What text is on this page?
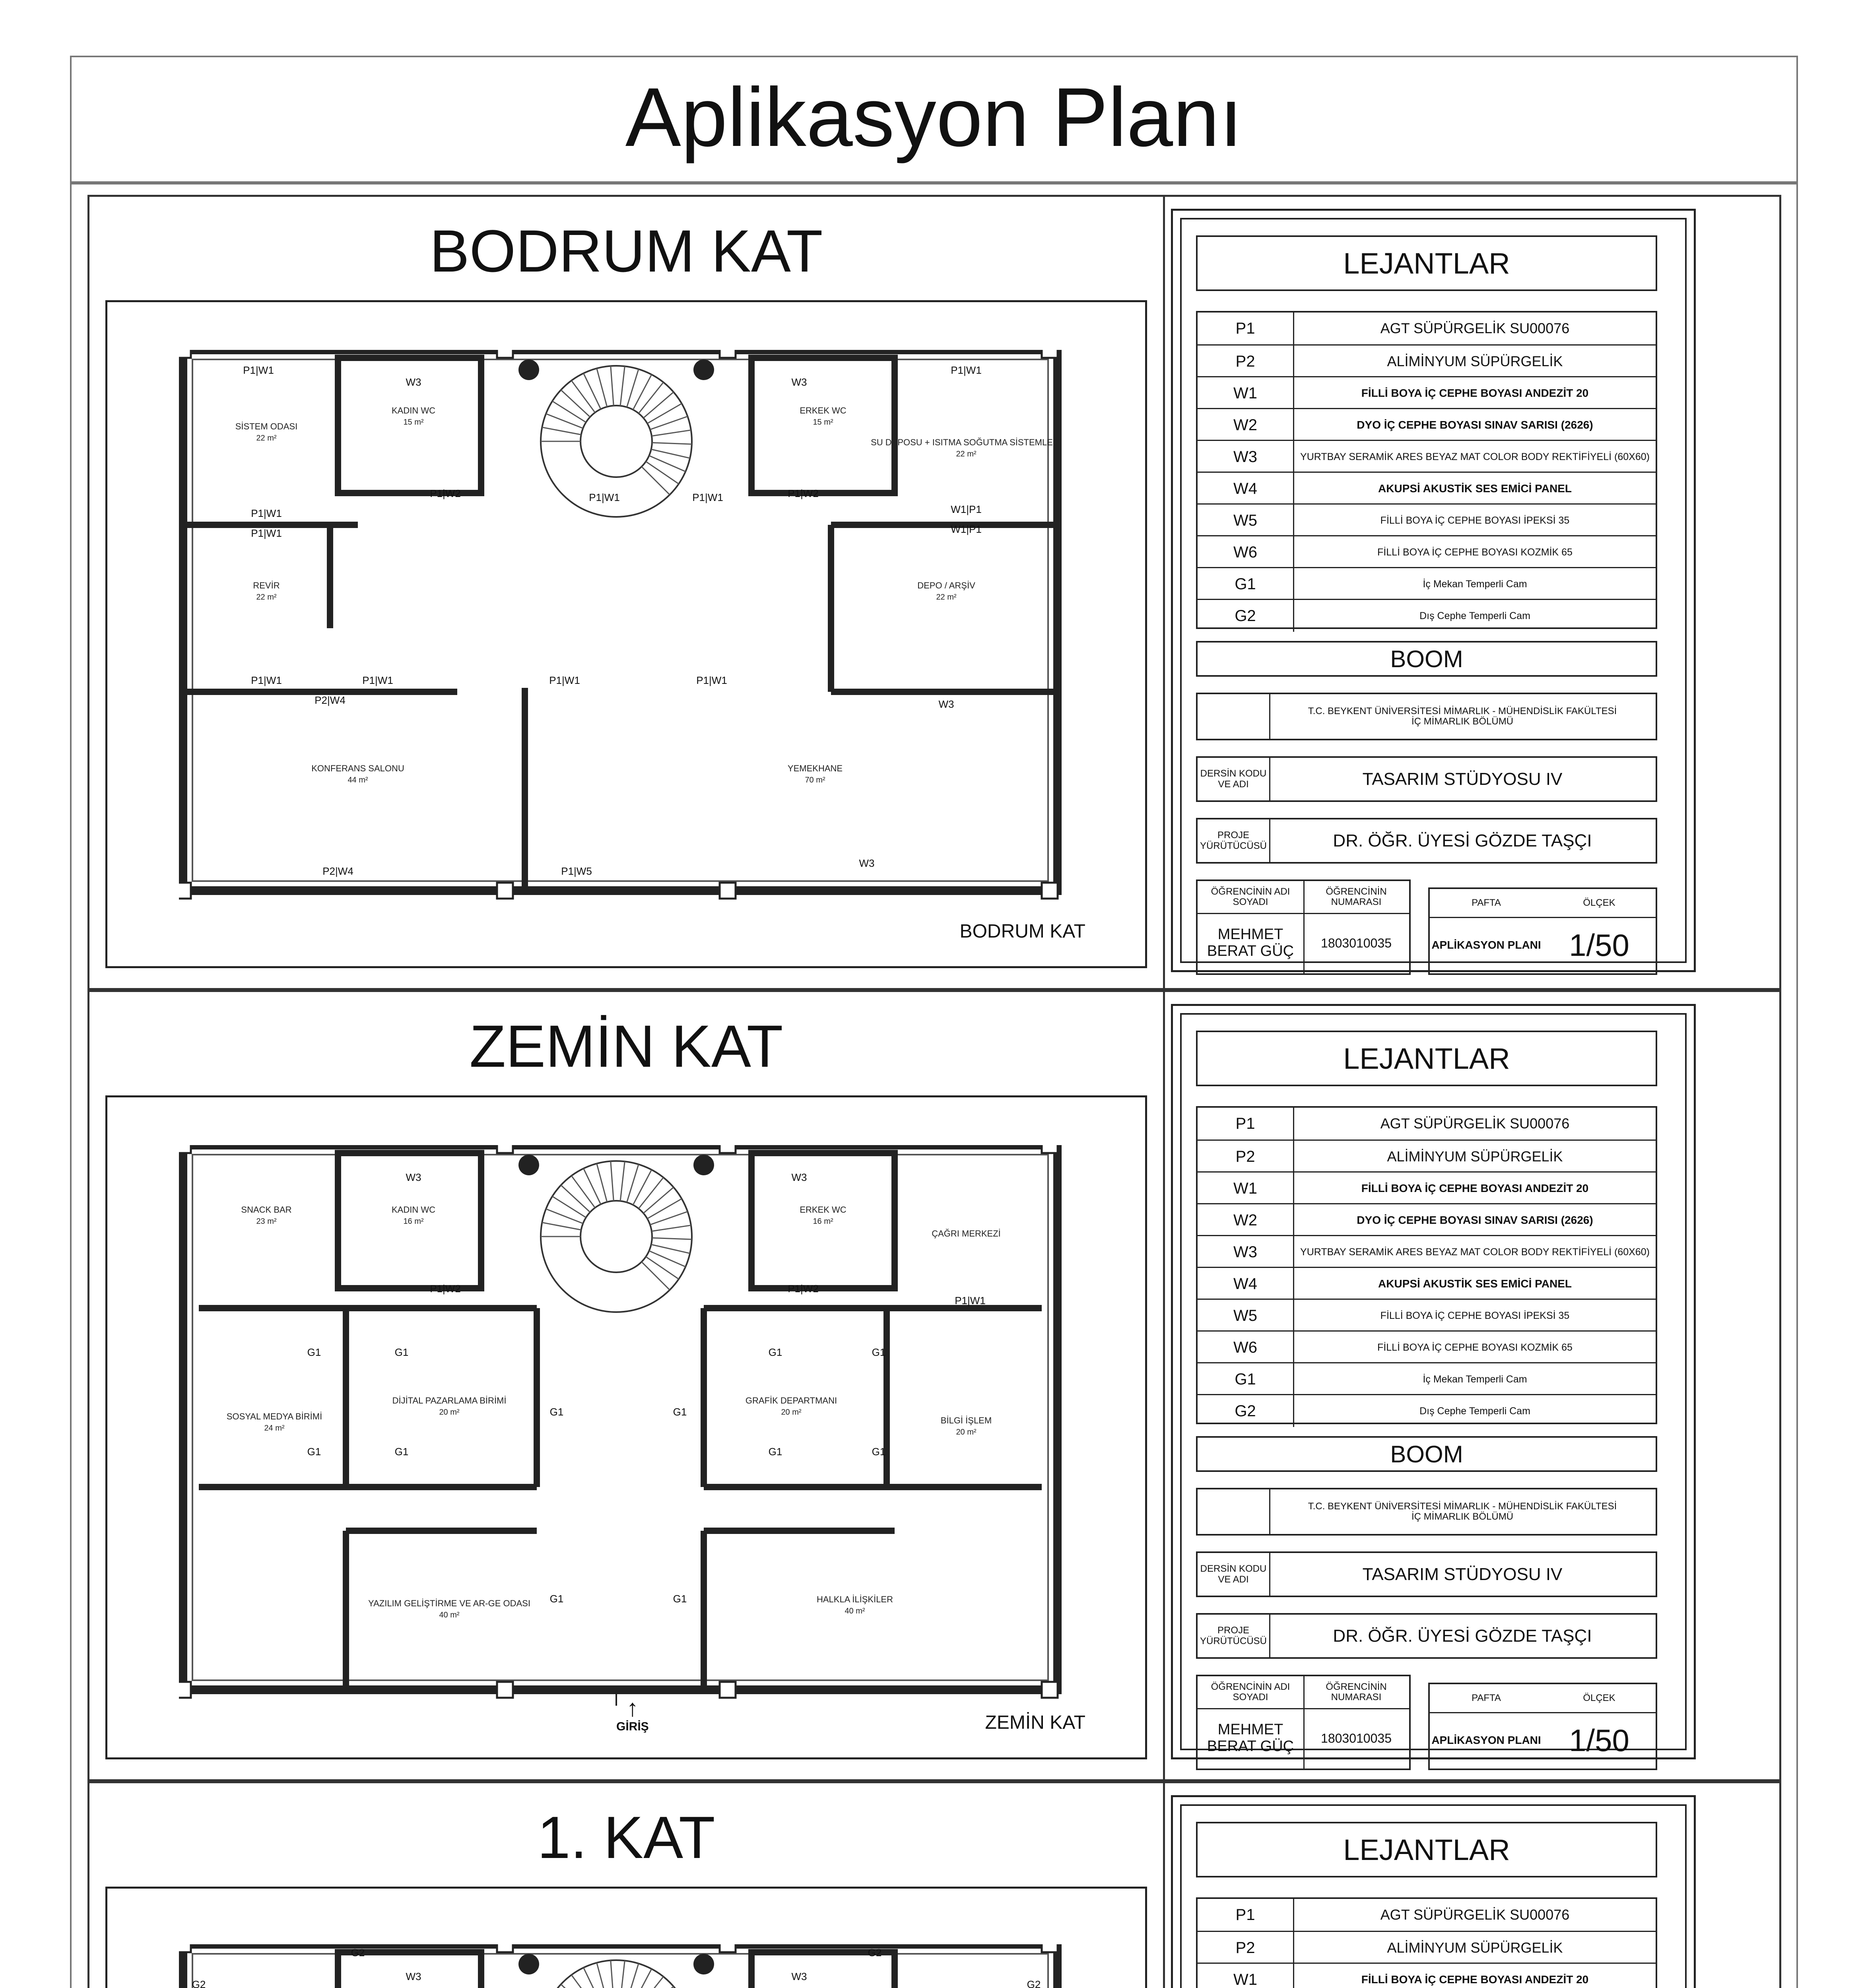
Aplikasyon Planı
BODRUM KAT
BODRUM KAT
SİSTEM ODASI
22 m²
KADIN WC
15 m²
ERKEK WC
15 m²
SU DEPOSU + ISITMA SOĞUTMA SİSTEMLERİ
22 m²
REVİR
22 m²
DEPO / ARŞİV
22 m²
KONFERANS SALONU
44 m²
YEMEKHANE
70 m²
P1|W1
W3	W3
P1|W1
P1|W2	P1|W2
P1|W1	P1|W1
P1|W1
P1|W1
W1|P1
W1|P1
P1|W1	P1|W1
P2|W4
P1|W1	P1|W1
W3
P2|W4	P1|W5
W3
LEJANTLAR
P1	AGT SÜPÜRGELİK SU00076
P2	ALİMİNYUM SÜPÜRGELİK
W1	FİLLİ BOYA İÇ CEPHE BOYASI ANDEZİT 20
W2	DYO İÇ CEPHE BOYASI SINAV SARISI (2626)
W3	YURTBAY SERAMİK ARES BEYAZ MAT COLOR BODY REKTİFİYELİ (60X60)
W4	AKUPSİ AKUSTİK SES EMİCİ PANEL
W5	FİLLİ BOYA İÇ CEPHE BOYASI İPEKSİ 35
W6	FİLLİ BOYA İÇ CEPHE BOYASI KOZMİK 65
G1	İç Mekan Temperli Cam
G2	Dış Cephe Temperli Cam
BOOM
T.C. BEYKENT ÜNİVERSİTESİ MİMARLIK - MÜHENDİSLİK FAKÜLTESİ İÇ MİMARLIK BÖLÜMÜ
DERSİN KODU VE ADI	TASARIM STÜDYOSU IV
PROJE YÜRÜTÜCÜSÜ	DR. ÖĞR. ÜYESİ GÖZDE TAŞÇI
ÖĞRENCİNİN ADI SOYADI
ÖĞRENCİNİN NUMARASI
MEHMET BERAT GÜÇ	1803010035
PAFTA	ÖLÇEK
APLİKASYON PLANI 1/50
ZEMİN KAT
ZEMİN KAT
SNACK BAR
23 m²
KADIN WC
16 m²
ERKEK WC
16 m²
ÇAĞRI MERKEZİ
SOSYAL MEDYA BİRİMİ
24 m²
DİJİTAL PAZARLAMA BİRİMİ
20 m²
GRAFİK DEPARTMANI
20 m²
BİLGİ İŞLEM
20 m²
YAZILIM GELİŞTİRME VE AR-GE ODASI
40 m²
HALKLA İLİŞKİLER
40 m²
W3	W3
P1|W2	P1|W2
P1|W1
G1	G1	G1	G1
G1	G1
G1	G1	G1	G1
G1	G1
↑
GİRİŞ
LEJANTLAR
P1	AGT SÜPÜRGELİK SU00076
P2	ALİMİNYUM SÜPÜRGELİK
W1	FİLLİ BOYA İÇ CEPHE BOYASI ANDEZİT 20
W2	DYO İÇ CEPHE BOYASI SINAV SARISI (2626)
W3	YURTBAY SERAMİK ARES BEYAZ MAT COLOR BODY REKTİFİYELİ (60X60)
W4	AKUPSİ AKUSTİK SES EMİCİ PANEL
W5	FİLLİ BOYA İÇ CEPHE BOYASI İPEKSİ 35
W6	FİLLİ BOYA İÇ CEPHE BOYASI KOZMİK 65
G1	İç Mekan Temperli Cam
G2	Dış Cephe Temperli Cam
BOOM
T.C. BEYKENT ÜNİVERSİTESİ MİMARLIK - MÜHENDİSLİK FAKÜLTESİ İÇ MİMARLIK BÖLÜMÜ
DERSİN KODU VE ADI	TASARIM STÜDYOSU IV
PROJE YÜRÜTÜCÜSÜ	DR. ÖĞR. ÜYESİ GÖZDE TAŞÇI
ÖĞRENCİNİN ADI SOYADI
ÖĞRENCİNİN NUMARASI
MEHMET BERAT GÜÇ	1803010035
PAFTA	ÖLÇEK
APLİKASYON PLANI 1/50
1. KAT
G2	G2
G2	G2
W3	W3
LEJANTLAR
P1	AGT SÜPÜRGELİK SU00076
P2	ALİMİNYUM SÜPÜRGELİK
W1	FİLLİ BOYA İÇ CEPHE BOYASI ANDEZİT 20
